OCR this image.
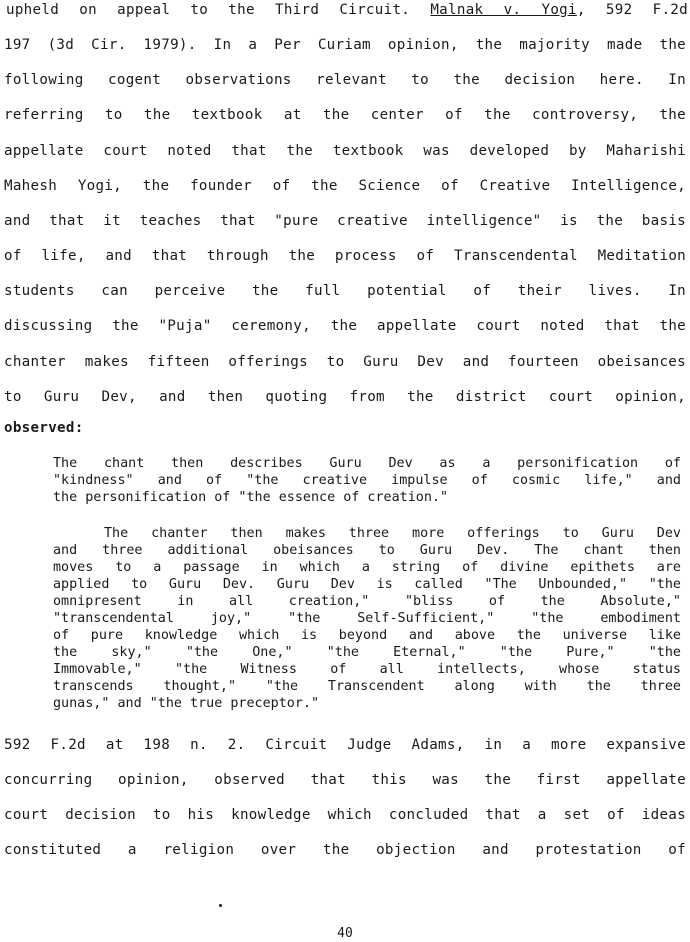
upheld on appeal to the Third Circuit. Malnak v. Yogi, 592 F.2d
197 (3d Cir. 1979). In a Per Curiam opinion, the majority made the
following cogent observations relevant to the decision here. In
referring to the textbook at the center of the controversy, the
appellate court noted that the textbook was developed by Maharishi
Mahesh Yogi, the founder of the Science of Creative Intelligence,
and that it teaches that "pure creative intelligence" is the basis
of life, and that through the process of Transcendental Meditation
students can perceive the full potential of their lives. In
discussing the "Puja" ceremony, the appellate court noted that the
chanter makes fifteen offerings to Guru Dev and fourteen obeisances
to Guru Dev, and then quoting from the district court opinion,
observed:
The chant then describes Guru Dev as a personification of
"kindness" and of "the creative impulse of cosmic life," and
the personification of "the essence of creation."
The chanter then makes three more offerings to Guru Dev
and three additional obeisances to Guru Dev. The chant then
moves to a passage in which a string of divine epithets are
applied to Guru Dev. Guru Dev is called "The Unbounded," "the
omnipresent in all creation," "bliss of the Absolute,"
"transcendental joy," "the Self-Sufficient," "the embodiment
of pure knowledge which is beyond and above the universe like
the sky," "the One," "the Eternal," "the Pure," "the
Immovable," "the Witness of all intellects, whose status
transcends thought," "the Transcendent along with the three
gunas," and "the true preceptor."
592 F.2d at 198 n. 2. Circuit Judge Adams, in a more expansive
concurring opinion, observed that this was the first appellate
court decision to his knowledge which concluded that a set of ideas
constituted a religion over the objection and protestation of
40
